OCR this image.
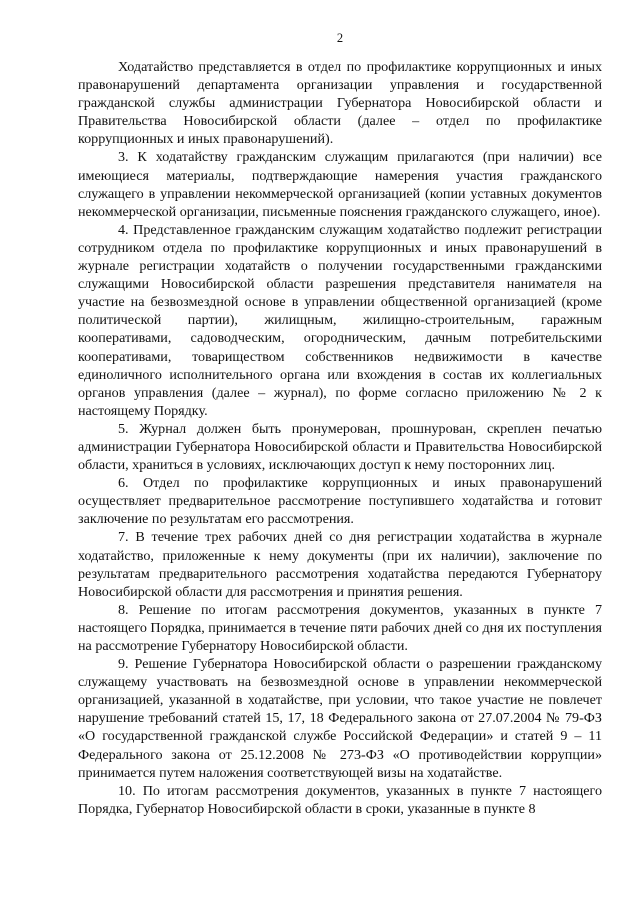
2

Ходатайство представляется в отдел по профилактике коррупционных и иных правонарушений департамента организации управления и государственной гражданской службы администрации Губернатора Новосибирской области и Правительства Новосибирской области (далее – отдел по профилактике коррупционных и иных правонарушений).

3. К ходатайству гражданским служащим прилагаются (при наличии) все имеющиеся материалы, подтверждающие намерения участия гражданского служащего в управлении некоммерческой организацией (копии уставных документов некоммерческой организации, письменные пояснения гражданского служащего, иное).

4. Представленное гражданским служащим ходатайство подлежит регистрации сотрудником отдела по профилактике коррупционных и иных правонарушений в журнале регистрации ходатайств о получении государственными гражданскими служащими Новосибирской области разрешения представителя нанимателя на участие на безвозмездной основе в управлении общественной организацией (кроме политической партии), жилищным, жилищно-строительным, гаражным кооперативами, садоводческим, огородническим, дачным потребительскими кооперативами, товариществом собственников недвижимости в качестве единоличного исполнительного органа или вхождения в состав их коллегиальных органов управления (далее – журнал), по форме согласно приложению № 2 к настоящему Порядку.

5. Журнал должен быть пронумерован, прошнурован, скреплен печатью администрации Губернатора Новосибирской области и Правительства Новосибирской области, храниться в условиях, исключающих доступ к нему посторонних лиц.

6. Отдел по профилактике коррупционных и иных правонарушений осуществляет предварительное рассмотрение поступившего ходатайства и готовит заключение по результатам его рассмотрения.

7. В течение трех рабочих дней со дня регистрации ходатайства в журнале ходатайство, приложенные к нему документы (при их наличии), заключение по результатам предварительного рассмотрения ходатайства передаются Губернатору Новосибирской области для рассмотрения и принятия решения.

8. Решение по итогам рассмотрения документов, указанных в пункте 7 настоящего Порядка, принимается в течение пяти рабочих дней со дня их поступления на рассмотрение Губернатору Новосибирской области.

9. Решение Губернатора Новосибирской области о разрешении гражданскому служащему участвовать на безвозмездной основе в управлении некоммерческой организацией, указанной в ходатайстве, при условии, что такое участие не повлечет нарушение требований статей 15, 17, 18 Федерального закона от 27.07.2004 № 79-ФЗ «О государственной гражданской службе Российской Федерации» и статей 9 – 11 Федерального закона от 25.12.2008 № 273-ФЗ «О противодействии коррупции» принимается путем наложения соответствующей визы на ходатайстве.

10. По итогам рассмотрения документов, указанных в пункте 7 настоящего Порядка, Губернатор Новосибирской области в сроки, указанные в пункте 8
